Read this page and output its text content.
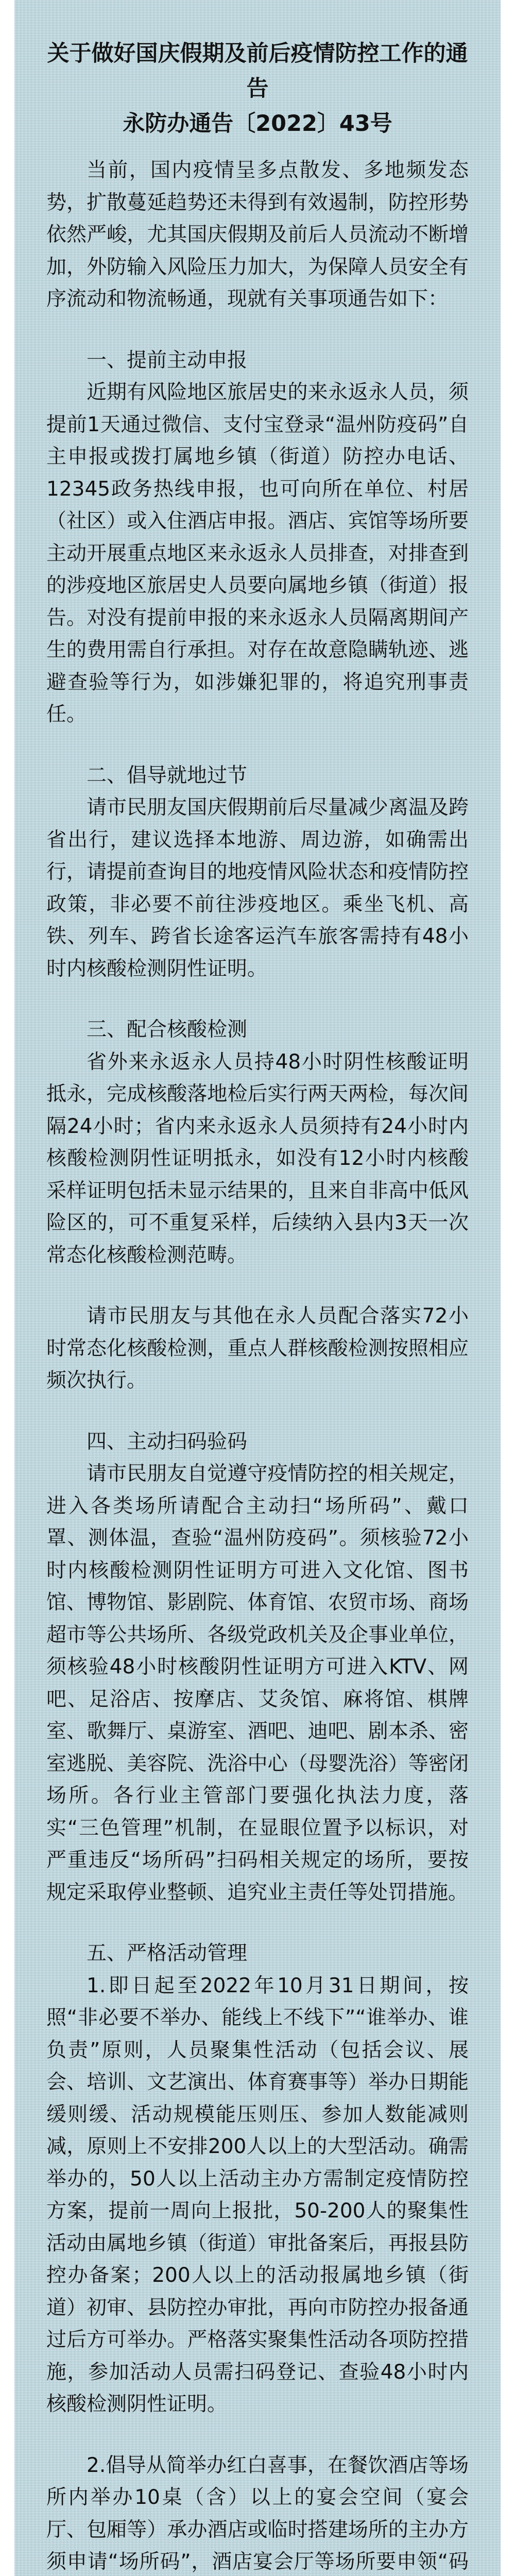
关于做好国庆假期及前后疫情防控工作的通告

永防办通告〔2022〕43号

当前，国内疫情呈多点散发、多地频发态势，扩散蔓延趋势还未得到有效遏制，防控形势依然严峻，尤其国庆假期及前后人员流动不断增加，外防输入风险压力加大，为保障人员安全有序流动和物流畅通，现就有关事项通告如下：

一、提前主动申报

近期有风险地区旅居史的来永返永人员，须提前1天通过微信、支付宝登录“温州防疫码”自主申报或拨打属地乡镇（街道）防控办电话、12345政务热线申报，也可向所在单位、村居（社区）或入住酒店申报。酒店、宾馆等场所要主动开展重点地区来永返永人员排查，对排查到的涉疫地区旅居史人员要向属地乡镇（街道）报告。对没有提前申报的来永返永人员隔离期间产生的费用需自行承担。对存在故意隐瞒轨迹、逃避查验等行为，如涉嫌犯罪的，将追究刑事责任。

二、倡导就地过节

请市民朋友国庆假期前后尽量减少离温及跨省出行，建议选择本地游、周边游，如确需出行，请提前查询目的地疫情风险状态和疫情防控政策，非必要不前往涉疫地区。乘坐飞机、高铁、列车、跨省长途客运汽车旅客需持有48小时内核酸检测阴性证明。

三、配合核酸检测

省外来永返永人员持48小时阴性核酸证明抵永，完成核酸落地检后实行两天两检，每次间隔24小时；省内来永返永人员须持有24小时内核酸检测阴性证明抵永，如没有12小时内核酸采样证明包括未显示结果的，且来自非高中低风险区的，可不重复采样，后续纳入县内3天一次常态化核酸检测范畴。

请市民朋友与其他在永人员配合落实72小时常态化核酸检测，重点人群核酸检测按照相应频次执行。

四、主动扫码验码

请市民朋友自觉遵守疫情防控的相关规定，进入各类场所请配合主动扫“场所码”、戴口罩、测体温，查验“温州防疫码”。须核验72小时内核酸检测阴性证明方可进入文化馆、图书馆、博物馆、影剧院、体育馆、农贸市场、商场超市等公共场所、各级党政机关及企事业单位，须核验48小时核酸阴性证明方可进入KTV、网吧、足浴店、按摩店、艾灸馆、麻将馆、棋牌室、歌舞厅、桌游室、酒吧、迪吧、剧本杀、密室逃脱、美容院、洗浴中心（母婴洗浴）等密闭场所。各行业主管部门要强化执法力度，落实“三色管理”机制，在显眼位置予以标识，对严重违反“场所码”扫码相关规定的场所，要按规定采取停业整顿、追究业主责任等处罚措施。

五、严格活动管理

1.即日起至2022年10月31日期间，按照“非必要不举办、能线上不线下”“谁举办、谁负责”原则，人员聚集性活动（包括会议、展会、培训、文艺演出、体育赛事等）举办日期能缓则缓、活动规模能压则压、参加人数能减则减，原则上不安排200人以上的大型活动。确需举办的，50人以上活动主办方需制定疫情防控方案，提前一周向上报批，50-200人的聚集性活动由属地乡镇（街道）审批备案后，再报县防控办备案；200人以上的活动报属地乡镇（街道）初审、县防控办审批，再向市防控办报备通过后方可举办。严格落实聚集性活动各项防控措施，参加活动人员需扫码登记、查验48小时内核酸检测阴性证明。

2.倡导从简举办红白喜事，在餐饮酒店等场所内举办10桌（含）以上的宴会空间（宴会厅、包厢等）承办酒店或临时搭建场所的主办方须申请“场所码”，酒店宴会厅等场所要申领“码
